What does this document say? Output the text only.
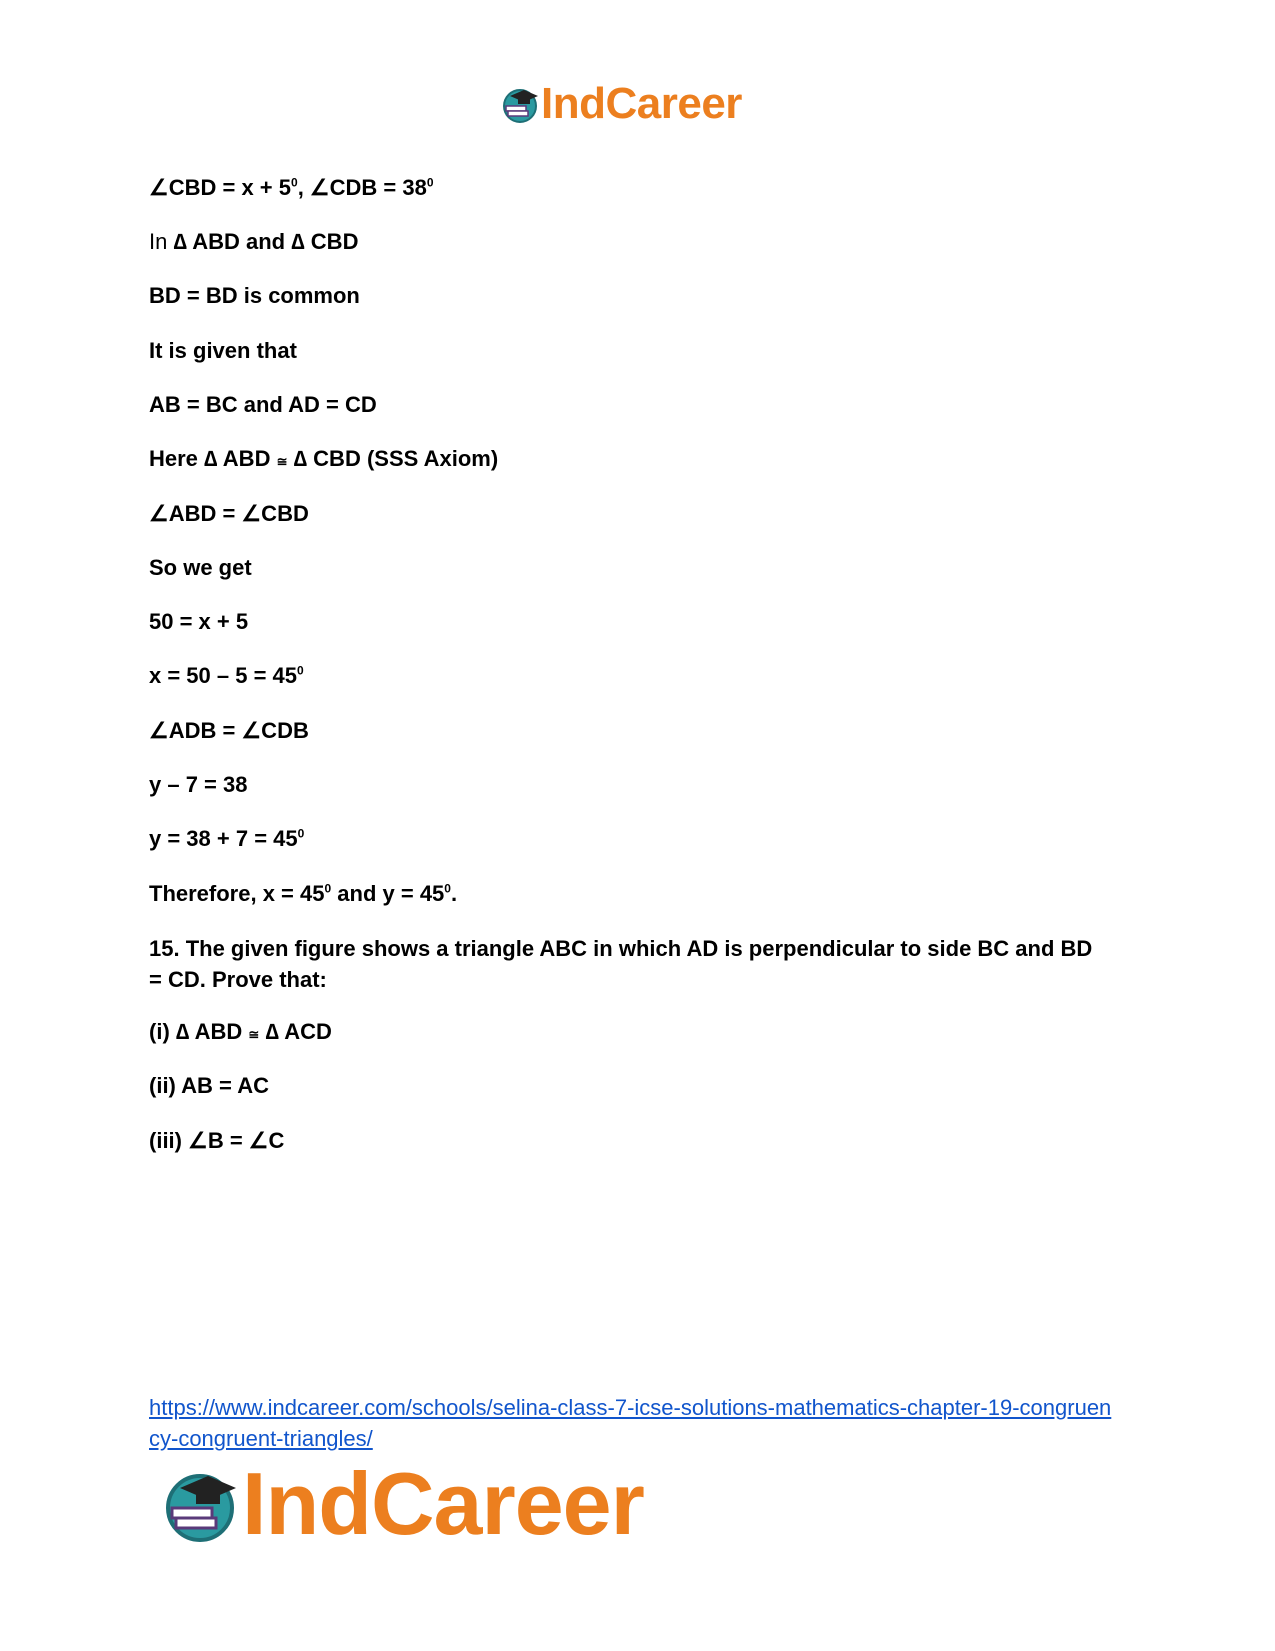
IndCareer
∠CBD = $x + 5^0$, ∠CDB = $38^0$
In ∆ ABD and ∆ CBD
BD = BD is common
It is given that
AB = BC and AD = CD
Here ∆ ABD ≅ ∆ CBD (SSS Axiom)
∠ABD = ∠CBD
So we get
50 = x + 5
$x = 50 - 5 = 45^0$
∠ADB = ∠CDB
y – 7 = 38
$y = 38 + 7 = 45^0$
Therefore, $x = 45^0$ and $y = 45^0$.
15. The given figure shows a triangle ABC in which AD is perpendicular to side BC and BD = CD. Prove that:
(i) ∆ ABD ≅ ∆ ACD
(ii) AB = AC
(iii) ∠B = ∠C
https://www.indcareer.com/schools/selina-class-7-icse-solutions-mathematics-chapter-19-congruency-congruent-triangles/
IndCareer
